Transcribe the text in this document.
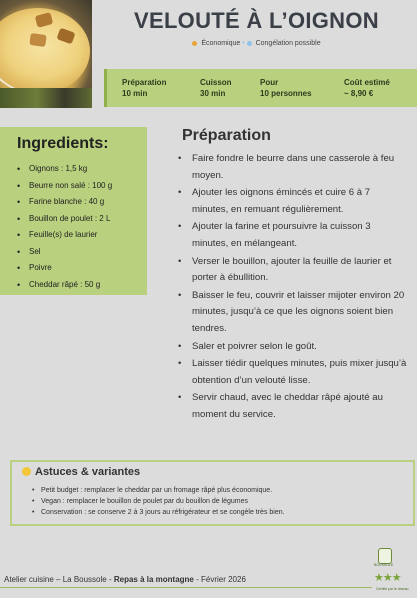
VELOUTÉ À L’OIGNON
Économique • Congélation possible
Préparation
10 min
Cuisson
30 min
Pour
10 personnes
Coût estimé
~ 8,90 €
Ingredients:
• Oignons : 1,5 kg
• Beurre non salé : 100 g
• Farine blanche : 40 g
• Bouillon de poulet : 2 L
• Feuille(s) de laurier
• Sel
• Poivre
• Cheddar râpé : 50 g
Préparation
• Faire fondre le beurre dans une casserole à feu moyen.
• Ajouter les oignons émincés et cuire 6 à 7 minutes, en remuant régulièrement.
• Ajouter la farine et poursuivre la cuisson 3 minutes, en mélangeant.
• Verser le bouillon, ajouter la feuille de laurier et porter à ébullition.
• Baisser le feu, couvrir et laisser mijoter environ 20 minutes, jusqu’à ce que les oignons soient bien tendres.
• Saler et poivrer selon le goût.
• Laisser tiédir quelques minutes, puis mixer jusqu’à obtention d’un velouté lisse.
• Servir chaud, avec le cheddar râpé ajouté au moment du service.
Astuces & variantes
• Petit budget : remplacer le cheddar par un fromage râpé plus économique.
• Vegan : remplacer le bouillon de poulet par du bouillon de légumes
• Conservation : se conserve 2 à 3 jours au réfrigérateur et se congèle très bien.
Atelier cuisine – La Boussole - Repas à la montagne - Février 2026
BOUSSOLE
★★★
Certifié par le réseau
